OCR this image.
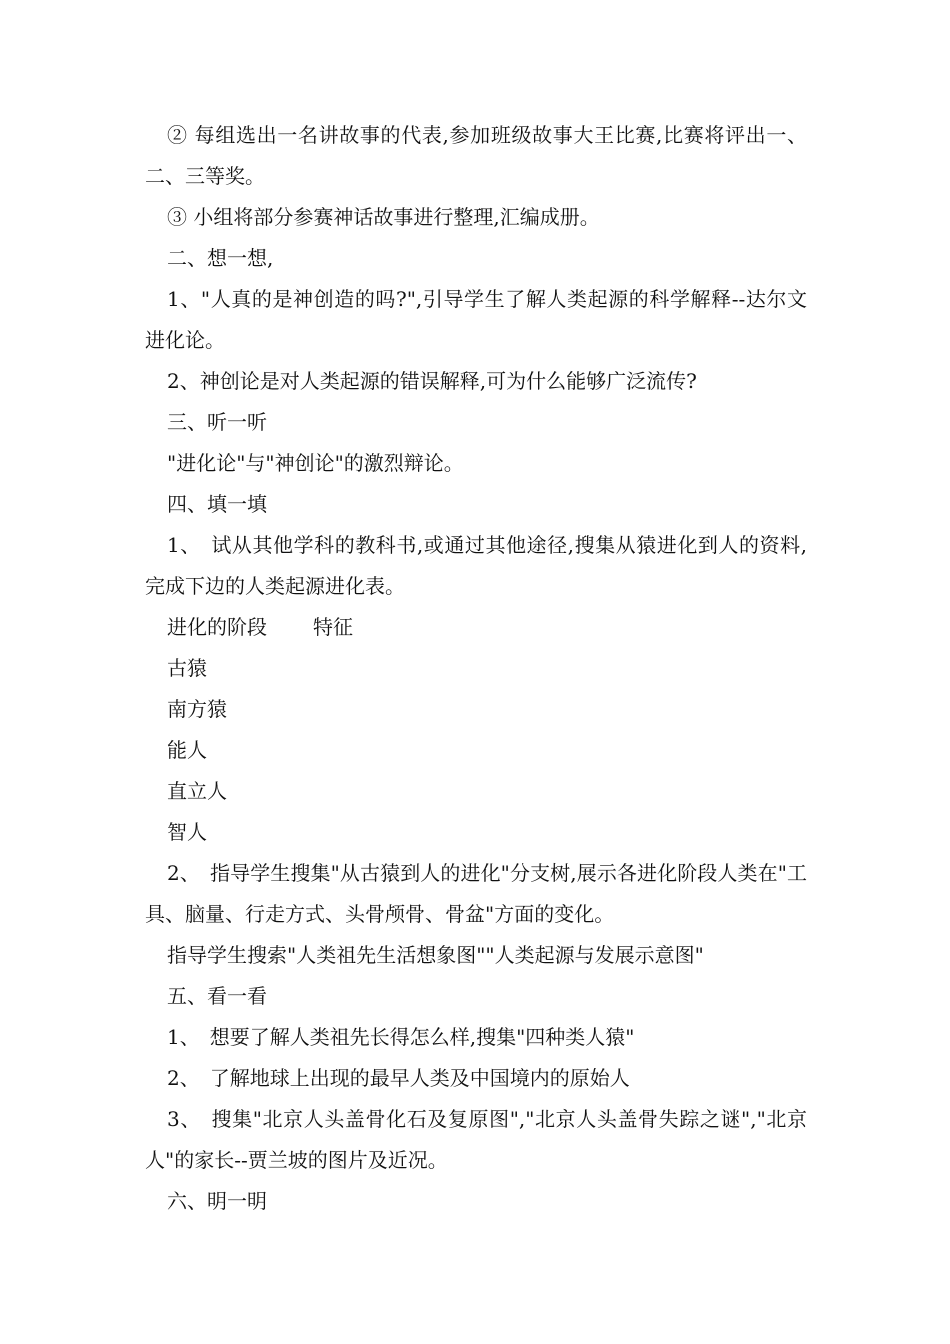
② 每组选出一名讲故事的代表,参加班级故事大王比赛,比赛将评出一、二、三等奖。

③ 小组将部分参赛神话故事进行整理,汇编成册。

二、想一想,

1、"人真的是神创造的吗?",引导学生了解人类起源的科学解释--达尔文进化论。

2、神创论是对人类起源的错误解释,可为什么能够广泛流传?

三、听一听

"进化论"与"神创论"的激烈辩论。

四、填一填

1、　试从其他学科的教科书,或通过其他途径,搜集从猿进化到人的资料,完成下边的人类起源进化表。

进化的阶段 特征
古猿
南方猿
能人
直立人
智人

2、　指导学生搜集"从古猿到人的进化"分支树,展示各进化阶段人类在"工具、脑量、行走方式、头骨颅骨、骨盆"方面的变化。

指导学生搜索"人类祖先生活想象图""人类起源与发展示意图"

五、看一看

1、　想要了解人类祖先长得怎么样,搜集"四种类人猿"

2、　了解地球上出现的最早人类及中国境内的原始人

3、　搜集"北京人头盖骨化石及复原图","北京人头盖骨失踪之谜","北京人"的家长--贾兰坡的图片及近况。

六、明一明
